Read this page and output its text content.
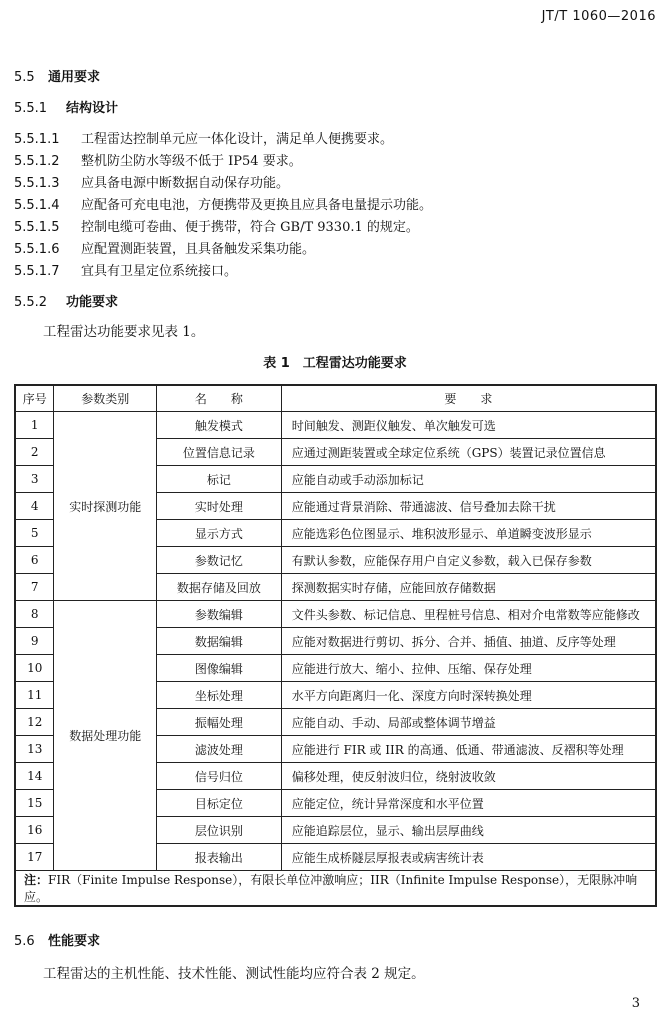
JT/T 1060—2016
5.5 通用要求
5.5.1 结构设计
5.5.1.1 工程雷达控制单元应一体化设计，满足单人便携要求。
5.5.1.2 整机防尘防水等级不低于 IP54 要求。
5.5.1.3 应具备电源中断数据自动保存功能。
5.5.1.4 应配备可充电电池，方便携带及更换且应具备电量提示功能。
5.5.1.5 控制电缆可卷曲、便于携带，符合 GB/T 9330.1 的规定。
5.5.1.6 应配置测距装置，且具备触发采集功能。
5.5.1.7 宜具有卫星定位系统接口。
5.5.2 功能要求
工程雷达功能要求见表 1。
表 1　工程雷达功能要求
序号	参数类别	名　　称	要　　求
1	实时探测功能	触发模式	时间触发、测距仪触发、单次触发可选
2		位置信息记录	应通过测距装置或全球定位系统（GPS）装置记录位置信息
3		标记	应能自动或手动添加标记
4		实时处理	应能通过背景消除、带通滤波、信号叠加去除干扰
5		显示方式	应能选彩色位图显示、堆积波形显示、单道瞬变波形显示
6		参数记忆	有默认参数，应能保存用户自定义参数，载入已保存参数
7		数据存储及回放	探测数据实时存储，应能回放存储数据
8	数据处理功能	参数编辑	文件头参数、标记信息、里程桩号信息、相对介电常数等应能修改
9		数据编辑	应能对数据进行剪切、拆分、合并、插值、抽道、反序等处理
10		图像编辑	应能进行放大、缩小、拉伸、压缩、保存处理
11		坐标处理	水平方向距离归一化、深度方向时深转换处理
12		振幅处理	应能自动、手动、局部或整体调节增益
13		滤波处理	应能进行 FIR 或 IIR 的高通、低通、带通滤波、反褶积等处理
14		信号归位	偏移处理，使反射波归位，绕射波收敛
15		目标定位	应能定位，统计异常深度和水平位置
16		层位识别	应能追踪层位，显示、输出层厚曲线
17		报表输出	应能生成桥隧层厚报表或病害统计表
注：FIR（Finite Impulse Response），有限长单位冲激响应；IIR（Infinite Impulse Response），无限脉冲响应。			
5.6 性能要求
工程雷达的主机性能、技术性能、测试性能均应符合表 2 规定。
3
